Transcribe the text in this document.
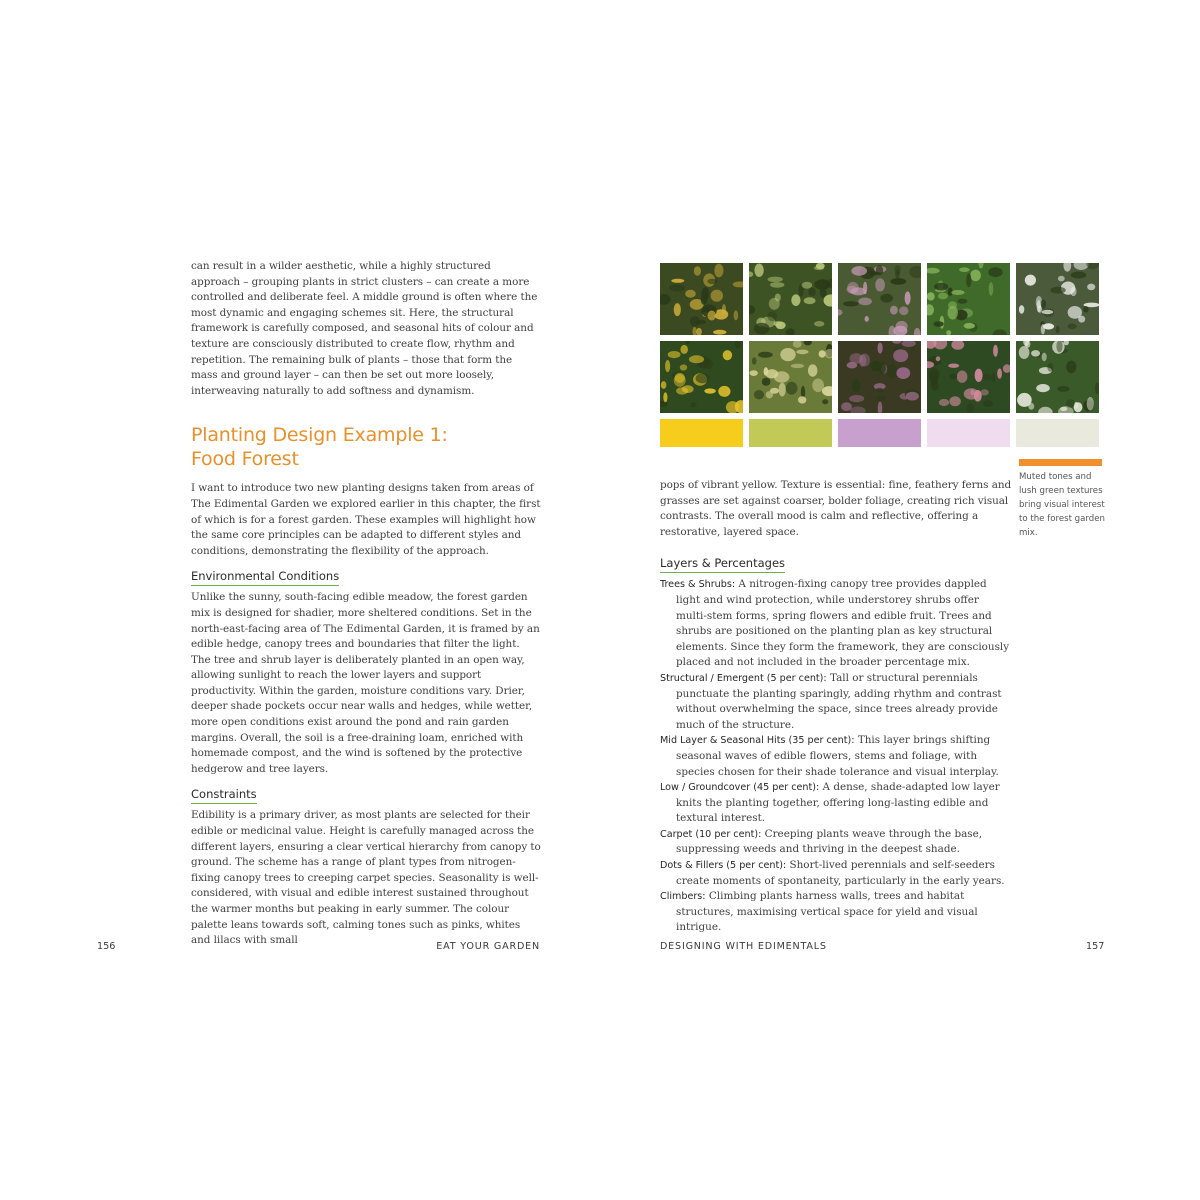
can result in a wilder aesthetic, while a highly structured approach – grouping plants in strict clusters – can create a more controlled and deliberate feel. A middle ground is often where the most dynamic and engaging schemes sit. Here, the structural framework is carefully composed, and seasonal hits of colour and texture are consciously distributed to create flow, rhythm and repetition. The remaining bulk of plants – those that form the mass and ground layer – can then be set out more loosely, interweaving naturally to add softness and dynamism.

Planting Design Example 1:
Food Forest

I want to introduce two new planting designs taken from areas of The Edimental Garden we explored earlier in this chapter, the first of which is for a forest garden. These examples will highlight how the same core principles can be adapted to different styles and conditions, demonstrating the flexibility of the approach.

Environmental Conditions

Unlike the sunny, south-facing edible meadow, the forest garden mix is designed for shadier, more sheltered conditions. Set in the north-east-facing area of The Edimental Garden, it is framed by an edible hedge, canopy trees and boundaries that filter the light. The tree and shrub layer is deliberately planted in an open way, allowing sunlight to reach the lower layers and support productivity. Within the garden, moisture conditions vary. Drier, deeper shade pockets occur near walls and hedges, while wetter, more open conditions exist around the pond and rain garden margins. Overall, the soil is a free-draining loam, enriched with homemade compost, and the wind is softened by the protective hedgerow and tree layers.

Constraints

Edibility is a primary driver, as most plants are selected for their edible or medicinal value. Height is carefully managed across the different layers, ensuring a clear vertical hierarchy from canopy to ground. The scheme has a range of plant types from nitrogen-fixing canopy trees to creeping carpet species. Seasonality is well-considered, with visual and edible interest sustained throughout the warmer months but peaking in early summer. The colour palette leans towards soft, calming tones such as pinks, whites and lilacs with small

Muted tones and lush green textures bring visual interest to the forest garden mix.

pops of vibrant yellow. Texture is essential: fine, feathery ferns and grasses are set against coarser, bolder foliage, creating rich visual contrasts. The overall mood is calm and reflective, offering a restorative, layered space.

Layers & Percentages

Trees & Shrubs: A nitrogen-fixing canopy tree provides dappled light and wind protection, while understorey shrubs offer multi-stem forms, spring flowers and edible fruit. Trees and shrubs are positioned on the planting plan as key structural elements. Since they form the framework, they are consciously placed and not included in the broader percentage mix.

Structural / Emergent (5 per cent): Tall or structural perennials punctuate the planting sparingly, adding rhythm and contrast without overwhelming the space, since trees already provide much of the structure.

Mid Layer & Seasonal Hits (35 per cent): This layer brings shifting seasonal waves of edible flowers, stems and foliage, with species chosen for their shade tolerance and visual interplay.

Low / Groundcover (45 per cent): A dense, shade-adapted low layer knits the planting together, offering long-lasting edible and textural interest.

Carpet (10 per cent): Creeping plants weave through the base, suppressing weeds and thriving in the deepest shade.

Dots & Fillers (5 per cent): Short-lived perennials and self-seeders create moments of spontaneity, particularly in the early years.

Climbers: Climbing plants harness walls, trees and habitat structures, maximising vertical space for yield and visual intrigue.

156	EAT YOUR GARDEN	DESIGNING WITH EDIMENTALS	157
